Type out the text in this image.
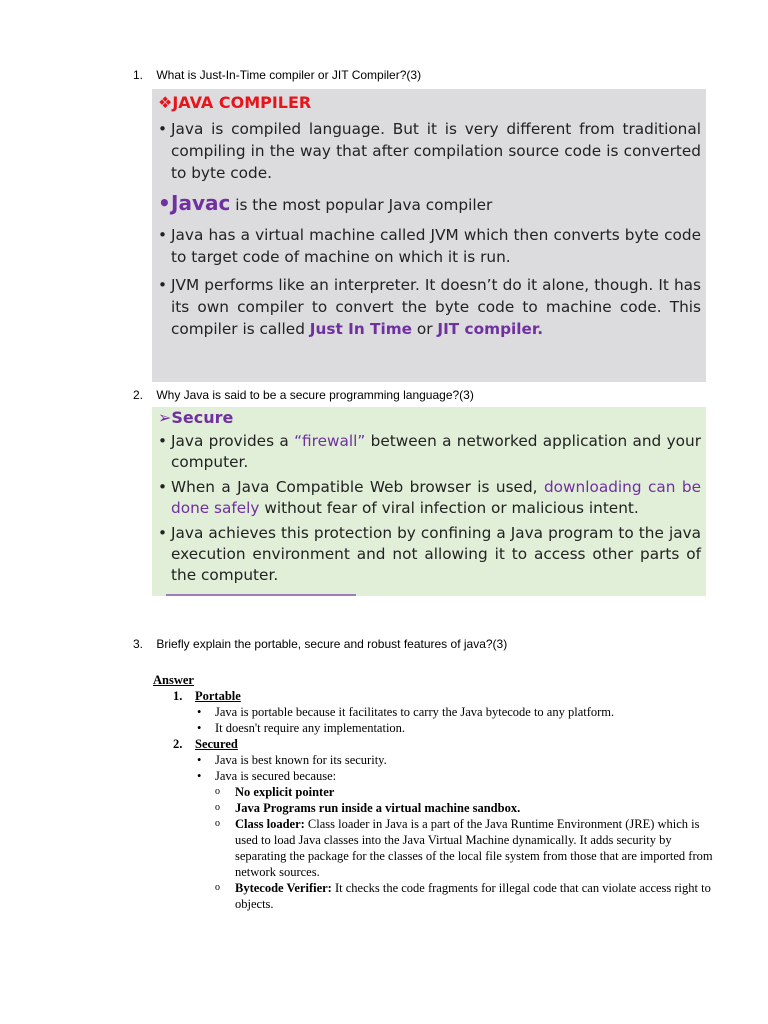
1. What is Just-In-Time compiler or JIT Compiler?(3)

❖JAVA COMPILER
• Java is compiled language. But it is very different from traditional compiling in the way that after compilation source code is converted to byte code.
• Javac is the most popular Java compiler
• Java has a virtual machine called JVM which then converts byte code to target code of machine on which it is run.
• JVM performs like an interpreter. It doesn’t do it alone, though. It has its own compiler to convert the byte code to machine code. This compiler is called Just In Time or JIT compiler.
2. Why Java is said to be a secure programming language?(3)
➢Secure
• Java provides a “firewall” between a networked application and your computer.
• When a Java Compatible Web browser is used, downloading can be done safely without fear of viral infection or malicious intent.
• Java achieves this protection by confining a Java program to the java execution environment and not allowing it to access other parts of the computer.
3. Briefly explain the portable, secure and robust features of java?(3)
Answer
1. Portable
• Java is portable because it facilitates to carry the Java bytecode to any platform.
• It doesn't require any implementation.
2. Secured
• Java is best known for its security.
• Java is secured because:
o No explicit pointer
o Java Programs run inside a virtual machine sandbox.
o Class loader: Class loader in Java is a part of the Java Runtime Environment (JRE) which is used to load Java classes into the Java Virtual Machine dynamically. It adds security by separating the package for the classes of the local file system from those that are imported from network sources.
o Bytecode Verifier: It checks the code fragments for illegal code that can violate access right to objects.
